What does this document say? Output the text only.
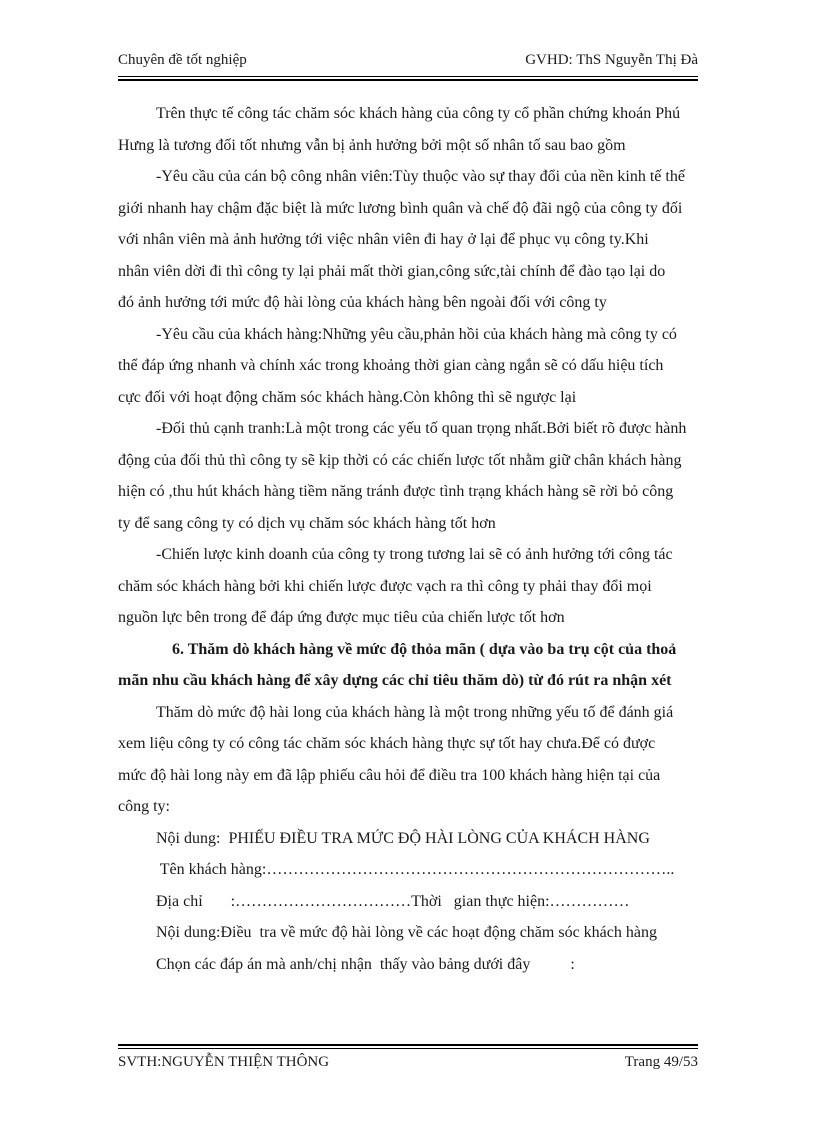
Chuyên đề tốt nghiệp	GVHD: ThS Nguyễn Thị Đà
Trên thực tế công tác chăm sóc khách hàng của công ty cổ phần chứng khoán Phú
Hưng là tương đối tốt nhưng vẫn bị ảnh hưởng bởi một số nhân tố sau bao gồm
-Yêu cầu của cán bộ công nhân viên:Tùy thuộc vào sự thay đổi của nền kinh tế thế
giới nhanh hay chậm đặc biệt là mức lương bình quân và chế độ đãi ngộ của công ty đối
với nhân viên mà ảnh hưởng tới việc nhân viên đi hay ở lại để phục vụ công ty.Khi
nhân viên dời đi thì công ty lại phải mất thời gian,công sức,tài chính để đào tạo lại do
đó ảnh hưởng tới mức độ hài lòng của khách hàng bên ngoài đối với công ty
-Yêu cầu của khách hàng:Những yêu cầu,phản hồi của khách hàng mà công ty có
thể đáp ứng nhanh và chính xác trong khoảng thời gian càng ngắn sẽ có dấu hiệu tích
cực đối với hoạt động chăm sóc khách hàng.Còn không thì sẽ ngược lại
-Đối thủ cạnh tranh:Là một trong các yếu tố quan trọng nhất.Bởi biết rõ được hành
động của đối thủ thì công ty sẽ kịp thời có các chiến lược tốt nhằm giữ chân khách hàng
hiện có ,thu hút khách hàng tiềm năng tránh được tình trạng khách hàng sẽ rời bỏ công
ty để sang công ty có dịch vụ chăm sóc khách hàng tốt hơn
-Chiến lược kinh doanh của công ty trong tương lai sẽ có ảnh hưởng tới công tác
chăm sóc khách hàng bởi khi chiến lược được vạch ra thì công ty phải thay đổi mọi
nguồn lực bên trong để đáp ứng được mục tiêu của chiến lược tốt hơn
6. Thăm dò khách hàng về mức độ thỏa mãn ( dựa vào ba trụ cột của thoả
mãn nhu cầu khách hàng để xây dựng các chỉ tiêu thăm dò) từ đó rút ra nhận xét
Thăm dò mức độ hài long của khách hàng là một trong những yếu tố để đánh giá
xem liệu công ty có công tác chăm sóc khách hàng thực sự tốt hay chưa.Để có được
mức độ hài long này em đã lập phiếu câu hỏi để điều tra 100 khách hàng hiện tại của
công ty:
Nội dung:  PHIẾU ĐIỀU TRA MỨC ĐỘ HÀI LÒNG CỦA KHÁCH HÀNG
Tên khách hàng:…………………………………………………………………..
Địa chỉ       :……………………………Thời   gian thực hiện:……………
Nội dung:Điều  tra về mức độ hài lòng về các hoạt động chăm sóc khách hàng
Chọn các đáp án mà anh/chị nhận  thấy vào bảng dưới đây          :
SVTH:NGUYỄN THIỆN THÔNG	Trang 49/53
